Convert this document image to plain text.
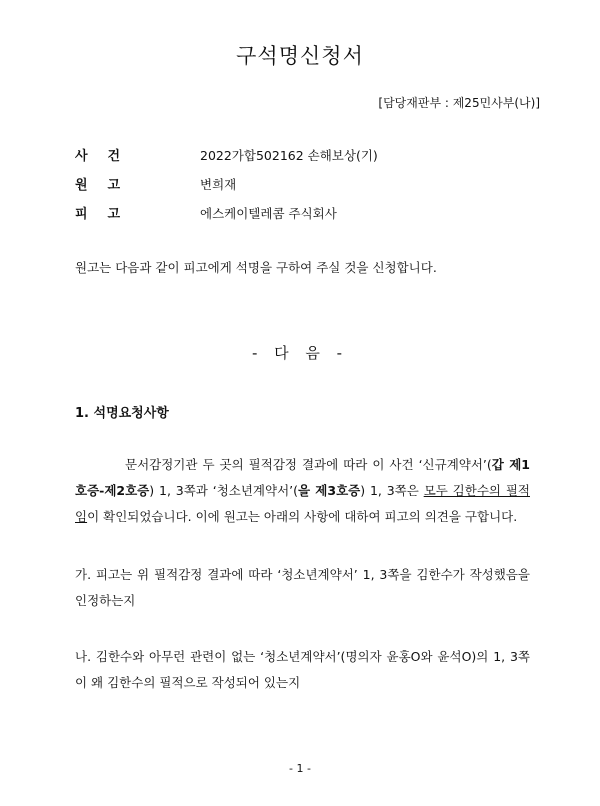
구석명신청서
[담당재판부 : 제25민사부(나)]
사건	2022가합502162 손해보상(기)
원고	변희재
피고	에스케이텔레콤 주식회사
원고는 다음과 같이 피고에게 석명을 구하여 주실 것을 신청합니다.
- 다 음 -
1. 석명요청사항
문서감정기관 두 곳의 필적감정 결과에 따라 이 사건 ‘신규계약서’(갑 제1호증-제2호증) 1, 3쪽과 ‘청소년계약서’(을 제3호증) 1, 3쪽은 모두 김한수의 필적임이 확인되었습니다. 이에 원고는 아래의 사항에 대하여 피고의 의견을 구합니다.
가. 피고는 위 필적감정 결과에 따라 ‘청소년계약서’ 1, 3쪽을 김한수가 작성했음을 인정하는지
나. 김한수와 아무런 관련이 없는 ‘청소년계약서’(명의자 윤홍O와 윤석O)의 1, 3쪽이 왜 김한수의 필적으로 작성되어 있는지
- 1 -
